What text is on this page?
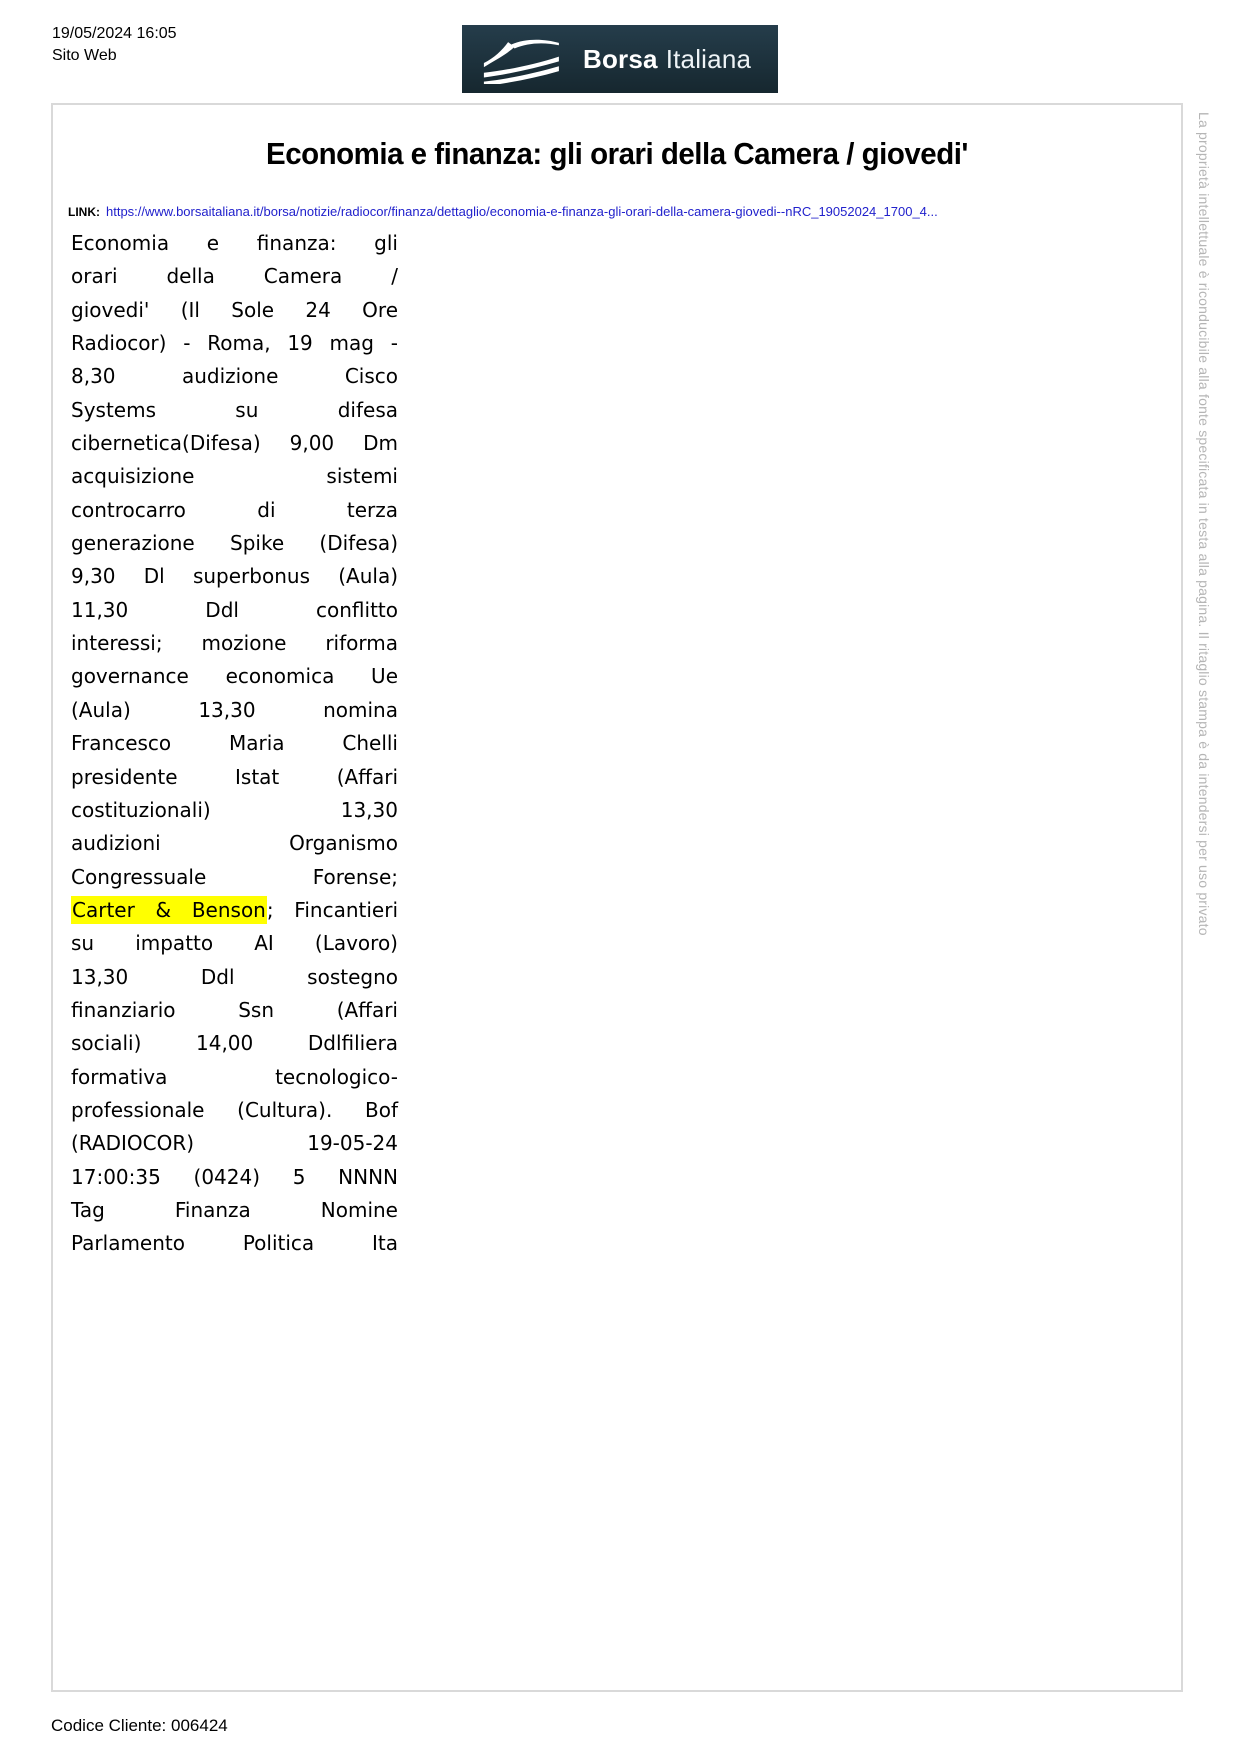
19/05/2024 16:05
Sito Web	Borsa Italiana
Economia e finanza: gli orari della Camera / giovedi'
LINK: https://www.borsaitaliana.it/borsa/notizie/radiocor/finanza/dettaglio/economia-e-finanza-gli-orari-della-camera-giovedi--nRC_19052024_1700_4...
Economia e finanza: gli
orari della Camera /
giovedi' (Il Sole 24 Ore
Radiocor) - Roma, 19 mag -
8,30 audizione Cisco
Systems su difesa
cibernetica(Difesa) 9,00 Dm
acquisizione sistemi
controcarro di terza
generazione Spike (Difesa)
9,30 Dl superbonus (Aula)
11,30 Ddl conflitto
interessi; mozione riforma
governance economica Ue
(Aula) 13,30 nomina
Francesco Maria Chelli
presidente Istat (Affari
costituzionali) 13,30
audizioni Organismo
Congressuale Forense;
Carter & Benson; Fincantieri
su impatto AI (Lavoro)
13,30 Ddl sostegno
finanziario Ssn (Affari
sociali) 14,00 Ddlfiliera
formativa tecnologico-
professionale (Cultura). Bof
(RADIOCOR) 19-05-24
17:00:35 (0424) 5 NNNN
Tag Finanza Nomine
Parlamento Politica Ita
La proprietà intellettuale è riconducibile alla fonte specificata in testa alla pagina. Il ritaglio stampa è da intendersi per uso privato
Codice Cliente: 006424
